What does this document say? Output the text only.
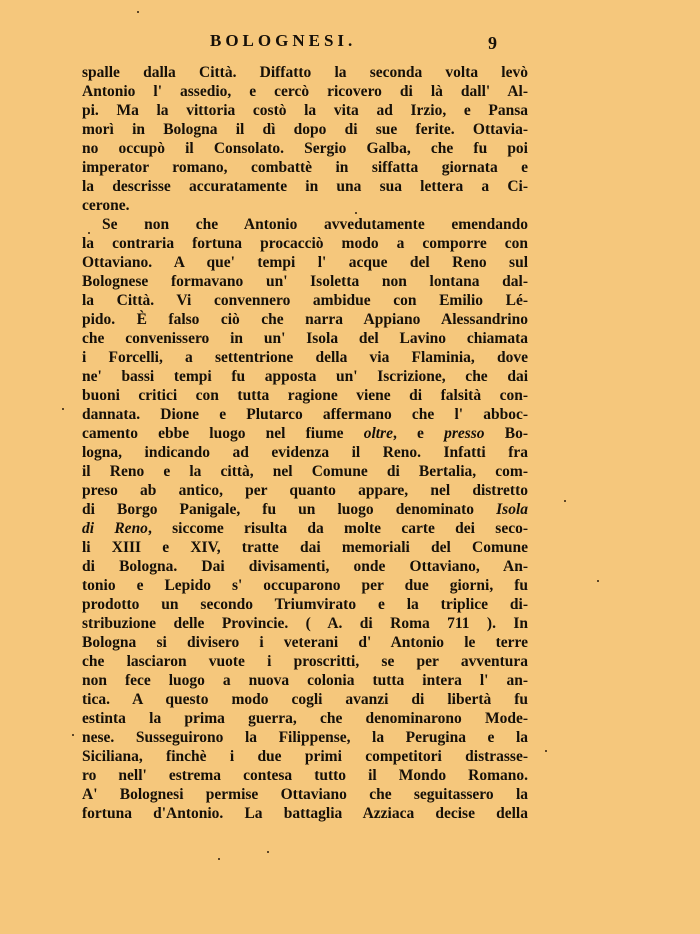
BOLOGNESI.	9
spalle dalla Città. Diffatto la seconda volta levò
Antonio l' assedio, e cercò ricovero di là dall' Al-
pi. Ma la vittoria costò la vita ad Irzio, e Pansa
morì in Bologna il dì dopo di sue ferite. Ottavia-
no occupò il Consolato. Sergio Galba, che fu poi
imperator romano, combattè in siffatta giornata e
la descrisse accuratamente in una sua lettera a Ci-
cerone.
Se non che Antonio avvedutamente emendando
la contraria fortuna procacciò modo a comporre con
Ottaviano. A que' tempi l' acque del Reno sul
Bolognese formavano un' Isoletta non lontana dal-
la Città. Vi convennero ambidue con Emilio Lé-
pido. È falso ciò che narra Appiano Alessandrino
che convenissero in un' Isola del Lavino chiamata
i Forcelli, a settentrione della via Flaminia, dove
ne' bassi tempi fu apposta un' Iscrizione, che dai
buoni critici con tutta ragione viene di falsità con-
dannata. Dione e Plutarco affermano che l' abboc-
camento ebbe luogo nel fiume oltre, e presso Bo-
logna, indicando ad evidenza il Reno. Infatti fra
il Reno e la città, nel Comune di Bertalia, com-
preso ab antico, per quanto appare, nel distretto
di Borgo Panigale, fu un luogo denominato Isola
di Reno, siccome risulta da molte carte dei seco-
li XIII e XIV, tratte dai memoriali del Comune
di Bologna. Dai divisamenti, onde Ottaviano, An-
tonio e Lepido s' occuparono per due giorni, fu
prodotto un secondo Triumvirato e la triplice di-
stribuzione delle Provincie. ( A. di Roma 711 ). In
Bologna si divisero i veterani d' Antonio le terre
che lasciaron vuote i proscritti, se per avventura
non fece luogo a nuova colonia tutta intera l' an-
tica. A questo modo cogli avanzi di libertà fu
estinta la prima guerra, che denominarono Mode-
nese. Susseguirono la Filippense, la Perugina e la
Siciliana, finchè i due primi competitori distrasse-
ro nell' estrema contesa tutto il Mondo Romano.
A' Bolognesi permise Ottaviano che seguitassero la
fortuna d'Antonio. La battaglia Azziaca decise della
